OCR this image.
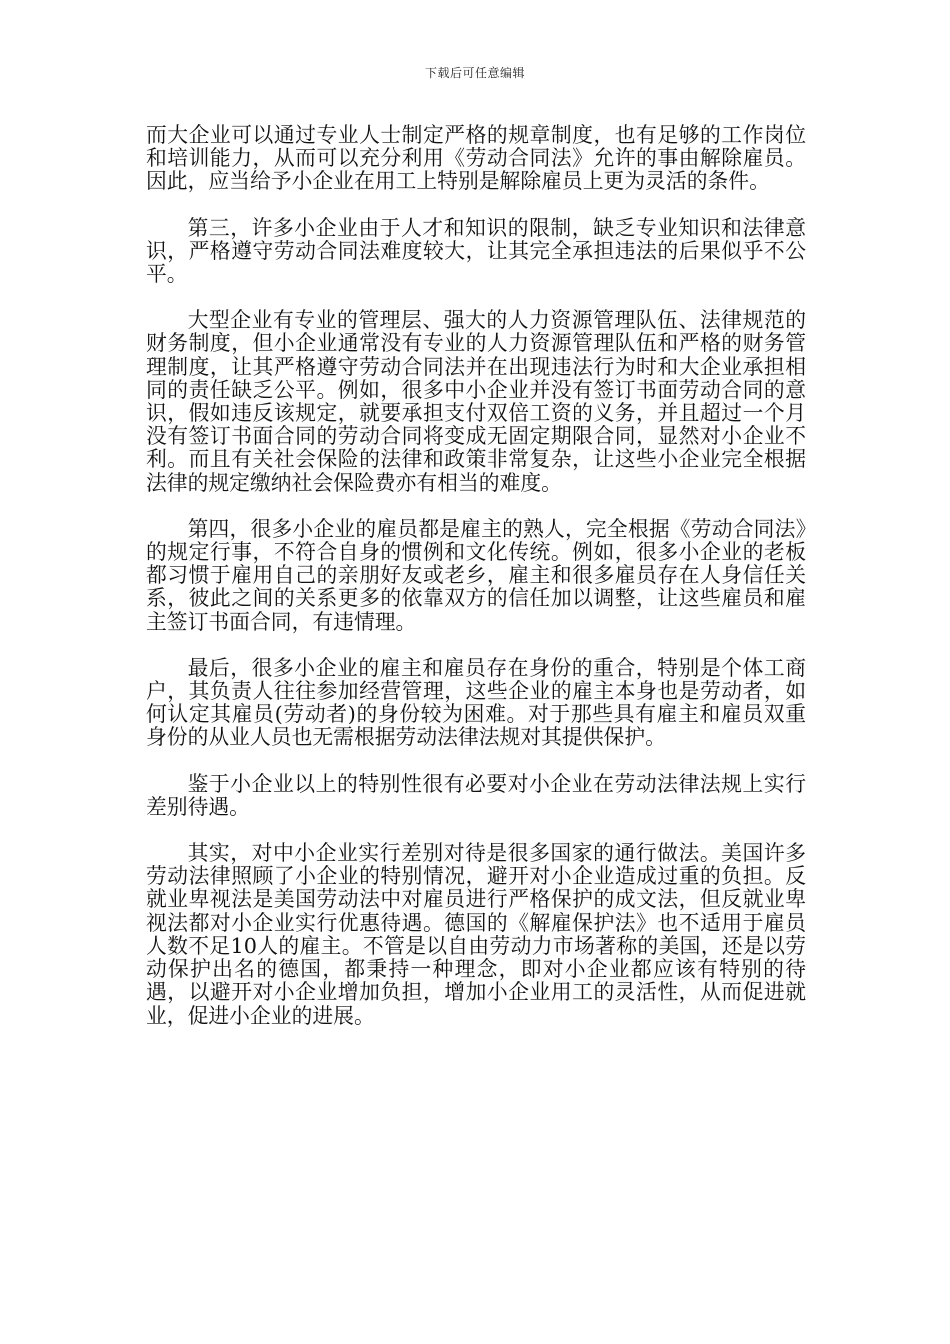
下载后可任意编辑

而大企业可以通过专业人士制定严格的规章制度，也有足够的工作岗位和培训能力，从而可以充分利用《劳动合同法》允许的事由解除雇员。因此，应当给予小企业在用工上特别是解除雇员上更为灵活的条件。

第三，许多小企业由于人才和知识的限制，缺乏专业知识和法律意识，严格遵守劳动合同法难度较大，让其完全承担违法的后果似乎不公平。

大型企业有专业的管理层、强大的人力资源管理队伍、法律规范的财务制度，但小企业通常没有专业的人力资源管理队伍和严格的财务管理制度，让其严格遵守劳动合同法并在出现违法行为时和大企业承担相同的责任缺乏公平。例如，很多中小企业并没有签订书面劳动合同的意识，假如违反该规定，就要承担支付双倍工资的义务，并且超过一个月没有签订书面合同的劳动合同将变成无固定期限合同，显然对小企业不利。而且有关社会保险的法律和政策非常复杂，让这些小企业完全根据法律的规定缴纳社会保险费亦有相当的难度。

第四，很多小企业的雇员都是雇主的熟人，完全根据《劳动合同法》的规定行事，不符合自身的惯例和文化传统。例如，很多小企业的老板都习惯于雇用自己的亲朋好友或老乡，雇主和很多雇员存在人身信任关系，彼此之间的关系更多的依靠双方的信任加以调整，让这些雇员和雇主签订书面合同，有违情理。

最后，很多小企业的雇主和雇员存在身份的重合，特别是个体工商户，其负责人往往参加经营管理，这些企业的雇主本身也是劳动者，如何认定其雇员(劳动者)的身份较为困难。对于那些具有雇主和雇员双重身份的从业人员也无需根据劳动法律法规对其提供保护。

鉴于小企业以上的特别性很有必要对小企业在劳动法律法规上实行差别待遇。

其实，对中小企业实行差别对待是很多国家的通行做法。美国许多劳动法律照顾了小企业的特别情况，避开对小企业造成过重的负担。反就业卑视法是美国劳动法中对雇员进行严格保护的成文法，但反就业卑视法都对小企业实行优惠待遇。德国的《解雇保护法》也不适用于雇员人数不足10人的雇主。不管是以自由劳动力市场著称的美国，还是以劳动保护出名的德国，都秉持一种理念，即对小企业都应该有特别的待遇，以避开对小企业增加负担，增加小企业用工的灵活性，从而促进就业，促进小企业的进展。
